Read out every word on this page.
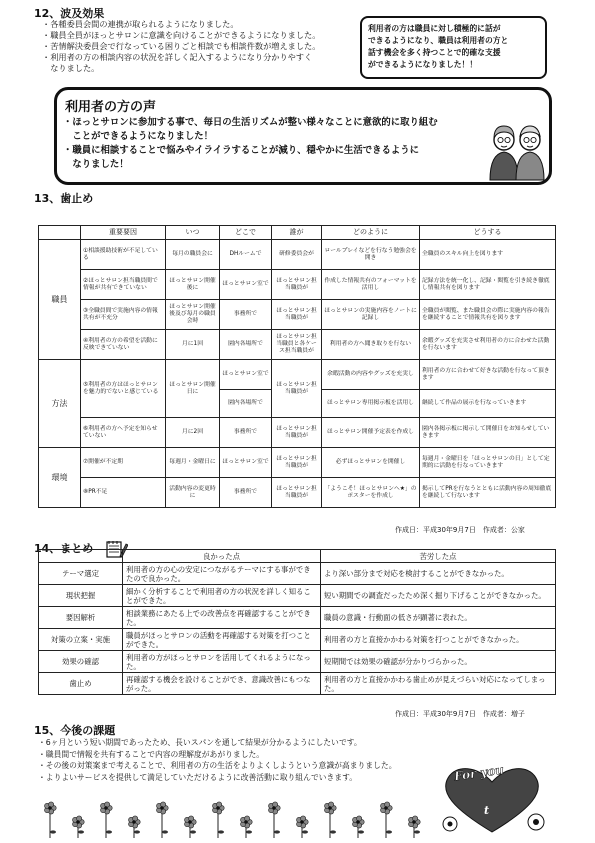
12、波及効果
・各種委員会間の連携が取られるようになりました。
・職員全員がほっとサロンに意識を向けることができるようになりました。
・苦情解決委員会で行なっている困りごと相談でも相談件数が増えました。
・利用者の方の相談内容の状況を詳しく記入するようになり分かりやすく
　なりました。
利用者の方は職員に対し積極的に話が
できるようになり、職員は利用者の方と
話す機会を多く持つことで的確な支援
ができるようになりました！！
利用者の方の声
・ほっとサロンに参加する事で、毎日の生活リズムが整い様々なことに意欲的に取り組む
　ことができるようになりました！
・職員に相談することで悩みやイライラすることが減り、穏やかに生活できるように
　なりました！
13、歯止め
	重要要因	いつ	どこで	誰が	どのように	どうする
職員	①相談援助技術が不足している	毎月の職員会に	DHルームで	研修委員会が	ロールプレイなどを行なう勉強会を開き	全職員のスキル向上を図ります
	②ほっとサロン担当職員間で情報が共有できていない	ほっとサロン開催後に	ほっとサロン室で	ほっとサロン担当職員が	作成した情報共有のフォーマットを活用し	記録方法を統一化し、記録・閲覧を引き続き徹底し情報共有を図ります
	③全職員間で実施内容の情報共有が不充分	ほっとサロン開催後及び毎月の職員会時	事務所で	ほっとサロン担当職員が	ほっとサロンの実施内容をノートに記録し	全職員が閲覧、また職員会の際に実施内容の報告を継続することで情報共有を図ります
	④利用者の方の希望を活動に反映できていない	月に1回	園内各場所で	ほっとサロン担当職員と各ケース担当職員が	利用者の方へ聞き取りを行ない	余暇グッズを充実させ利用者の方に合わせた活動を行ないます
方法	⑤利用者の方はほっとサロンを魅力的でないと感じている	ほっとサロン開催日に	ほっとサロン室で	ほっとサロン担当職員が	余暇活動の内容やグッズを充実し	利用者の方に合わせて好きな活動を行なって頂きます
			園内各場所で		ほっとサロン専用掲示板を活用し	継続して作品の展示を行なっていきます
	⑥利用者の方へ予定を知らせていない	月に2回	事務所で	ほっとサロン担当職員が	ほっとサロン開催予定表を作成し	園内各掲示板に掲示して開催日をお知らせしていきます
環境	⑦開催が不定期	毎週月・金曜日に	ほっとサロン室で	ほっとサロン担当職員が	必ずほっとサロンを開催し	毎週月・金曜日を「ほっとサロンの日」として定期的に活動を行なっていきます
	⑧PR不足	活動内容の変更時に	事務所で	ほっとサロン担当職員が	「ようこそ！ほっとサロンへ★」のポスターを作成し	掲示してPRを行なうとともに活動内容の周知徹底を継続して行ないます
作成日：平成30年9月7日　作成者：公家
14、まとめ
	良かった点	苦労した点
テーマ選定	利用者の方の心の安定につながるテーマにする事ができたので良かった。	より深い部分まで対応を検討することができなかった。
現状把握	細かく分析することで利用者の方の状況を詳しく知ることができた。	短い期間での調査だったため深く掘り下げることができなかった。
要因解析	相談業務にあたる上での改善点を再確認することができた。	職員の意識・行動面の低さが顕著に表れた。
対策の立案・実施	職員がほっとサロンの活動を再確認する対策を打つことができた。	利用者の方と直接かかわる対策を打つことができなかった。
効果の確認	利用者の方がほっとサロンを活用してくれるようになった。	短期間では効果の確認が分かりづらかった。
歯止め	再確認する機会を設けることができ、意識改善にもつながった。	利用者の方と直接かかわる歯止めが見えづらい対応になってしまった。
作成日：平成30年9月7日　作成者：増子
15、今後の課題
・6ヶ月という短い期間であったため、長いスパンを通して結果が分かるようにしたいです。
・職員間で情報を共有することで内容の理解度があがりました。
・その後の対策案まで考えることで、利用者の方の生活をよりよくしようという意識が高まりました。
・よりよいサービスを提供して満足していただけるように改善活動に取り組んでいきます。	For you
t
